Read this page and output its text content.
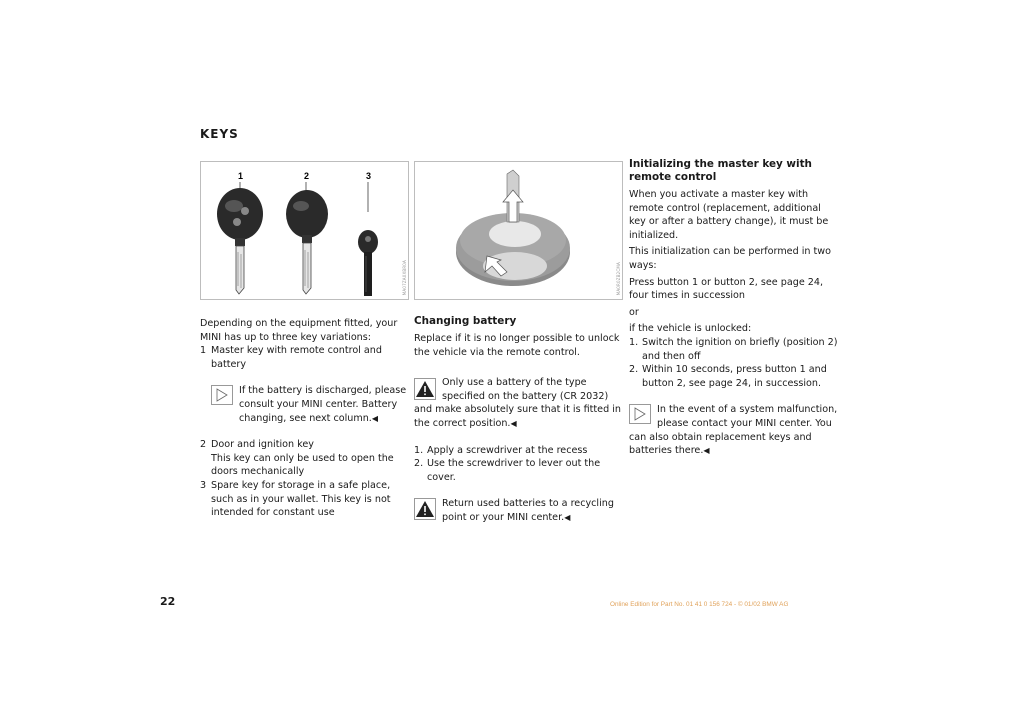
KEYS
1	2	3
MA07ZA0XBR0A	MA0R0ZB2CMA

Depending on the equipment fitted, your MINI has up to three key variations:

1 Master key with remote control and battery
If the battery is discharged, please consult your MINI center. Battery changing, see next column.◀
2 Door and ignition key
This key can only be used to open the doors mechanically
3 Spare key for storage in a safe place, such as in your wallet. This key is not intended for constant use

Changing battery

Replace if it is no longer possible to unlock the vehicle via the remote control.

Only use a battery of the type specified on the battery (CR 2032) and make absolutely sure that it is fitted in the correct position.◀
1. Apply a screwdriver at the recess
2. Use the screwdriver to lever out the cover.
Return used batteries to a recycling point or your MINI center.◀

Initializing the master key with remote control

When you activate a master key with remote control (replacement, additional key or after a battery change), it must be initialized.

This initialization can be performed in two ways:

Press button 1 or button 2, see page 24, four times in succession

or

if the vehicle is unlocked:

1. Switch the ignition on briefly (position 2) and then off
2. Within 10 seconds, press button 1 and button 2, see page 24, in succession.
In the event of a system malfunction, please contact your MINI center. You can also obtain replacement keys and batteries there.◀
22	Online Edition for Part No. 01 41 0 156 724 - © 01/02 BMW AG
